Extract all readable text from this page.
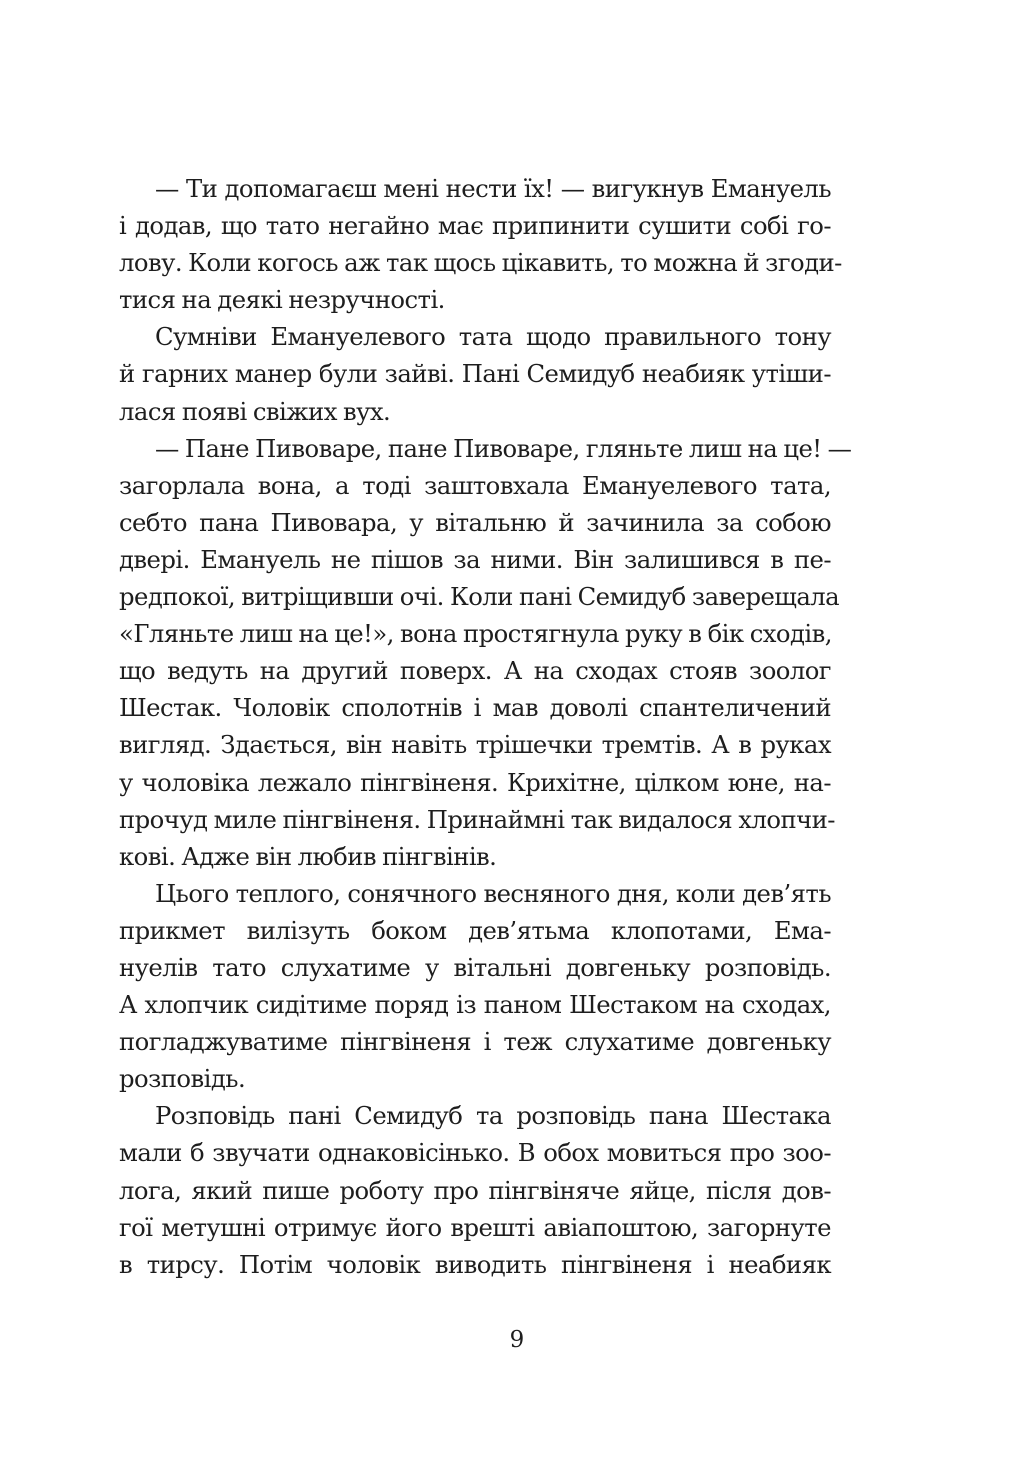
— Ти допомагаєш мені нести їх! — вигукнув Емануель
і додав, що тато негайно має припинити сушити собі го-
лову. Коли когось аж так щось цікавить, то можна й згоди-
тися на деякі незручності.
Сумніви Емануелевого тата щодо правильного тону
й гарних манер були зайві. Пані Семидуб неабияк утіши-
лася появі свіжих вух.
— Пане Пивоваре, пане Пивоваре, гляньте лиш на це! —
загорлала вона, а тоді заштовхала Емануелевого тата,
себто пана Пивовара, у вітальню й зачинила за собою
двері. Емануель не пішов за ними. Він залишився в пе-
редпокої, витріщивши очі. Коли пані Семидуб заверещала
«Гляньте лиш на це!», вона простягнула руку в бік сходів,
що ведуть на другий поверх. А на сходах стояв зоолог
Шестак. Чоловік сполотнів і мав доволі спантеличений
вигляд. Здається, він навіть трішечки тремтів. А в руках
у чоловіка лежало пінгвіненя. Крихітне, цілком юне, на-
прочуд миле пінгвіненя. Принаймні так видалося хлопчи-
кові. Адже він любив пінгвінів.
Цього теплого, сонячного весняного дня, коли дев’ять
прикмет вилізуть боком дев’ятьма клопотами, Ема-
нуелів тато слухатиме у вітальні довгеньку розповідь.
А хлопчик сидітиме поряд із паном Шестаком на сходах,
погладжуватиме пінгвіненя і теж слухатиме довгеньку
розповідь.
Розповідь пані Семидуб та розповідь пана Шестака
мали б звучати однаковісінько. В обох мовиться про зоо-
лога, який пише роботу про пінгвіняче яйце, після дов-
гої метушні отримує його врешті авіапоштою, загорнуте
в тирсу. Потім чоловік виводить пінгвіненя і неабияк
9
